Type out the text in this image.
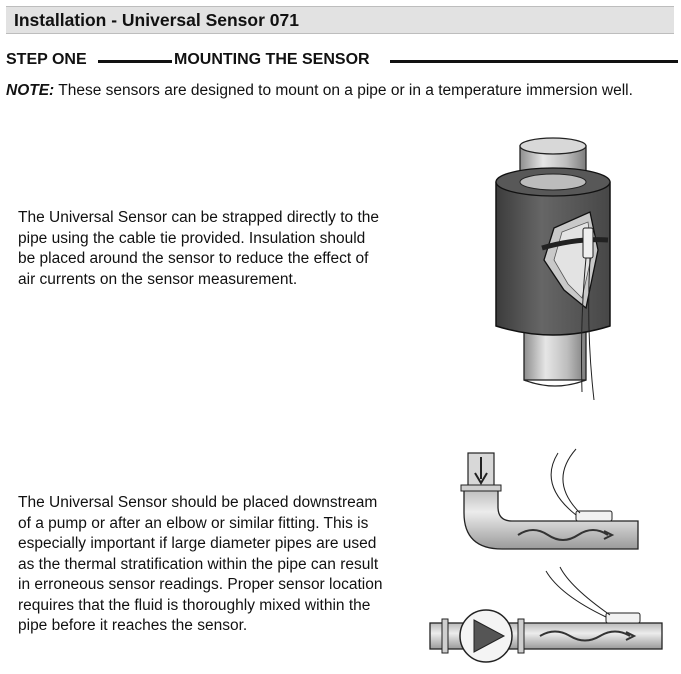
Installation - Universal Sensor 071
STEP ONE	MOUNTING THE SENSOR
NOTE: These sensors are designed to mount on a pipe or in a temperature immersion well.
The Universal Sensor can be strapped directly to the
pipe using the cable tie provided. Insulation should
be placed around the sensor to reduce the effect of
air currents on the sensor measurement.
The Universal Sensor should be placed downstream
of a pump or after an elbow or similar fitting. This is
especially important if large diameter pipes are used
as the thermal stratification within the pipe can result
in erroneous sensor readings. Proper sensor location
requires that the fluid is thoroughly mixed within the
pipe before it reaches the sensor.
